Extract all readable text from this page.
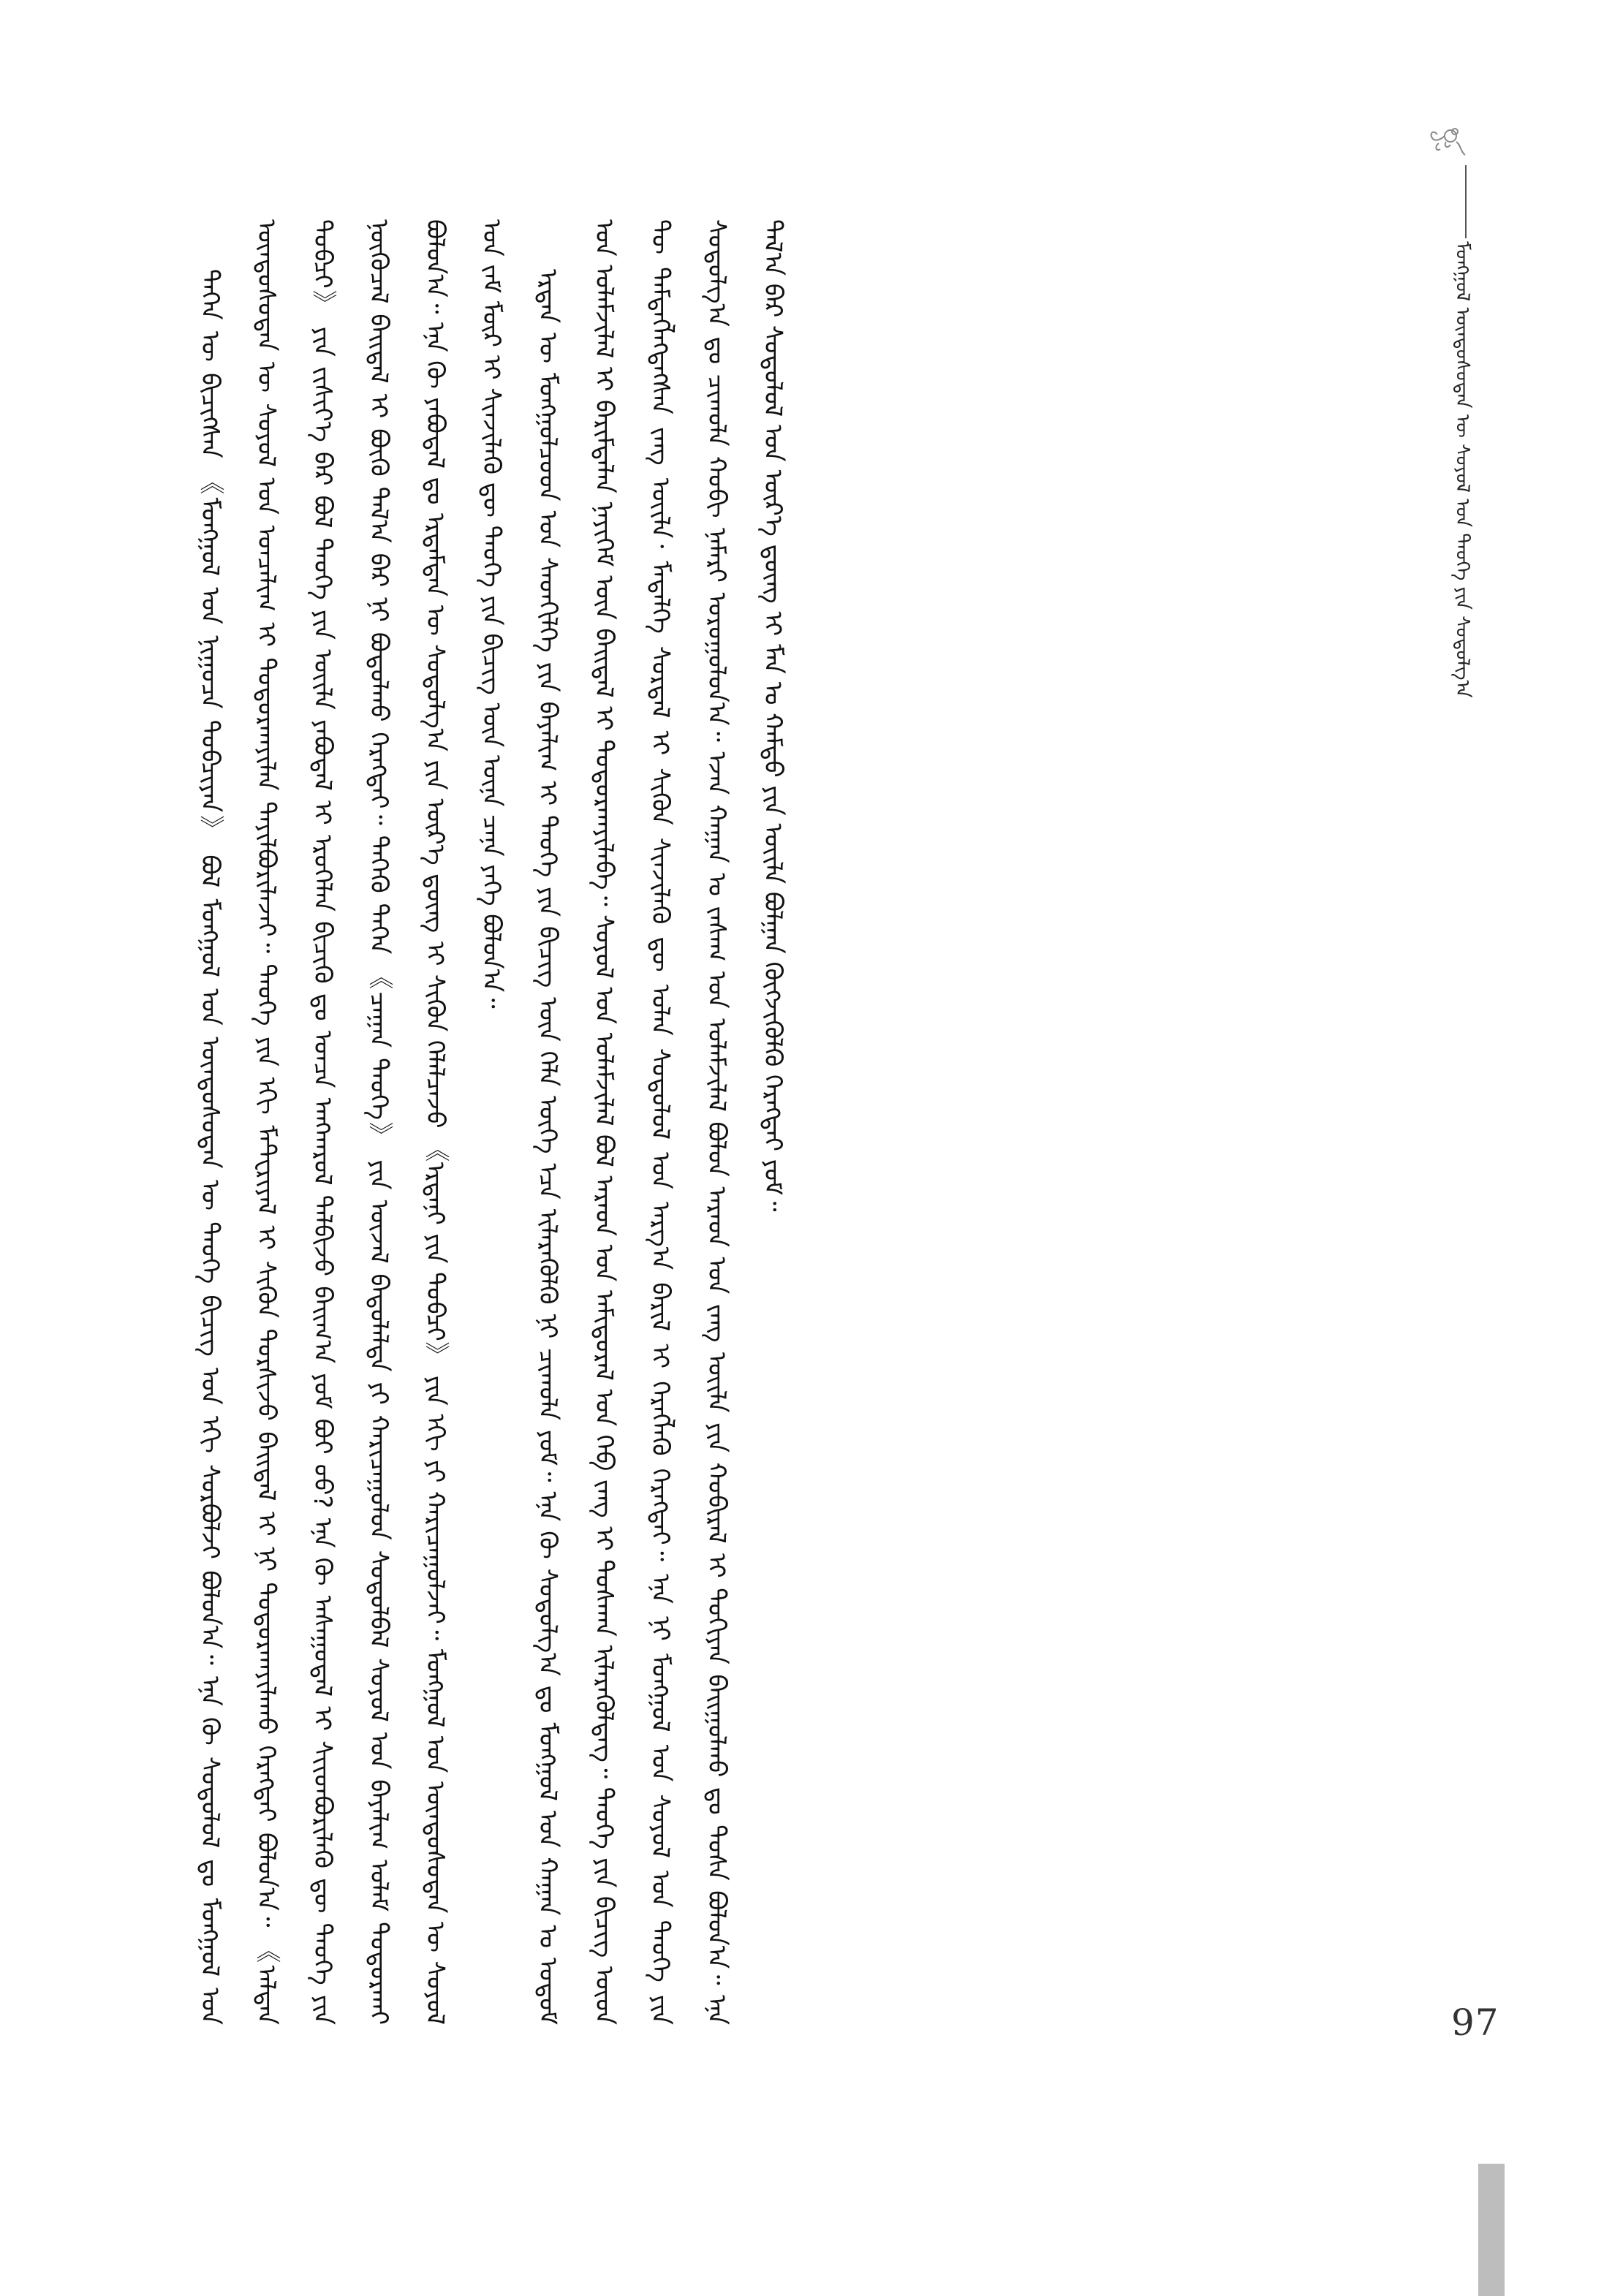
ᠮᠣᠩᠭᠣᠯ ᠦᠨᠳᠦᠰᠦᠲᠡᠨ ᠦ ᠰᠣᠶᠣᠯ ᠤᠨ ᠲᠡᠦᠬᠡ ᠶᠢᠨ ᠰᠤᠳᠤᠯᠭ᠎ᠠ

ᠲᠡᠭᠡᠨ ᠦ ᠪᠢᠴᠢᠭᠰᠡᠨ 《ᠮᠣᠩᠭᠣᠯ ᠤᠨ ᠨᠢᠭᠤᠴᠠ ᠲᠣᠪᠴᠢᠶᠠᠨ》 ᠪᠣᠯ ᠮᠣᠩᠭᠣᠯ ᠤᠨ ᠦᠨᠳᠦᠰᠦᠲᠡᠨ ᠦ ᠲᠡᠦᠬᠡ ᠪᠢᠴᠢᠭ ᠤᠨ ᠡᠬᠢ ᠰᠤᠷᠪᠤᠯᠵᠢ ᠪᠣᠯᠤᠨ᠎ᠠ᠃ ᠡᠨᠡ ᠬᠦ ᠰᠤᠳᠤᠯᠤᠯ ᠳᠤ ᠮᠣᠩᠭᠣᠯ ᠤᠨ ᠦᠨᠳᠦᠰᠦᠲᠡᠨ ᠦ ᠰᠣᠶᠣᠯ ᠤᠨ ᠣᠨᠴᠠᠯᠢᠭ ᠢ ᠲᠣᠳᠣᠷᠬᠠᠶᠢᠯᠠᠨ ᠲᠠᠶᠢᠯᠪᠤᠷᠢᠯᠠᠵᠠᠢ᠃ ᠲᠡᠦᠬᠡ ᠶᠢᠨ ᠡᠬᠢ ᠮᠠᠲᠧᠷᠢᠶᠠᠯ ᠢ ᠰᠢᠭᠦᠨ ᠲᠤᠷᠰᠢᠵᠤ ᠪᠠᠢᠳᠠᠯ ᠢ ᠨᠢ ᠲᠣᠳᠣᠷᠬᠠᠶᠢᠯᠠᠬᠤ ᠬᠡᠷᠡᠭᠲᠡᠢ ᠪᠣᠯᠤᠨ᠎ᠠ᠃ 《ᠠᠯᠲᠠᠨ ᠲᠣᠪᠴᠢ》 ᠶᠢᠨ ᠵᠢᠱᠢᠶ᠎ᠡ ᠪᠡᠷ ᠪᠣᠯ ᠲᠡᠦᠬᠡ ᠶᠢᠨ ᠦᠢᠯᠡ ᠶᠠᠪᠤᠳᠠᠯ ᠢ ᠡᠷᠦᠬᠡᠯᠡᠨ ᠪᠢᠴᠢᠬᠦ ᠳᠤ ᠣᠨᠴᠠ ᠠᠩᠬᠠᠷᠤᠯ ᠲᠠᠯᠪᠢᠵᠤ ᠪᠠᠢᠭ᠎ᠠ ᠶᠤᠮ ᠪᠣᠢ ᠤᠤ? ᠡᠨᠡ ᠬᠦ ᠠᠰᠠᠭᠤᠳᠠᠯ ᠢ ᠰᠢᠢᠳᠪᠦᠷᠢᠯᠡᠬᠦ ᠳᠦ ᠲᠡᠦᠬᠡ ᠶᠢᠨ ᠨᠦᠬᠦᠴᠡᠯ ᠪᠠᠢᠳᠠᠯ ᠢ ᠪᠦᠬᠦ ᠳᠠᠯ᠎ᠠ ᠪᠡᠷ ᠨᠢ ᠪᠣᠳᠣᠯᠬᠤ ᠬᠡᠷᠡᠭᠲᠡᠢ᠃ ᠲᠡᠭᠡᠬᠦ ᠳᠡᠭᠡᠨ 《ᠴᠠᠭᠠᠨ ᠲᠡᠦᠬᠡ》 ᠶᠢᠨ ᠦᠵᠡᠯ ᠪᠠᠲᠤᠯᠠᠯᠲᠠ ᠶᠢ ᠬᠠᠷᠢᠴᠠᠭᠤᠯᠤᠨ ᠰᠤᠳᠤᠯᠪᠠᠯ ᠰᠣᠶᠣᠯ ᠤᠨ ᠪᠠᠶᠠᠯᠢᠭ ᠤᠯᠠᠮ ᠲᠣᠳᠣᠷᠬᠠᠢ ᠪᠣᠯᠤᠨ᠎ᠠ᠃ ᠡᠨᠡ ᠬᠦ ᠶᠠᠪᠤᠳᠠᠯ ᠳᠤ ᠡᠷᠳᠡᠮᠲᠡᠨ ᠦ ᠰᠤᠳᠤᠯᠭ᠎ᠠ ᠶᠢᠨ ᠦᠷ᠎ᠡ ᠳ᠋ᠦᠩ ᠢ ᠰᠢᠭᠦᠨ ᠬᠡᠯᠡᠯᠴᠡᠵᠦ 《ᠡᠷᠳᠡᠨᠢ ᠶᠢᠨ ᠲᠣᠪᠴᠢ》 ᠶᠢᠨ ᠡᠬᠢ ᠶᠢ ᠬᠠᠷᠢᠴᠠᠭᠤᠯᠵᠠᠢ᠃ ᠮᠣᠩᠭᠣᠯ ᠤᠨ ᠦᠨᠳᠦᠰᠦᠲᠡᠨ ᠦ ᠰᠣᠶᠣᠯ ᠤᠨ ᠵᠠᠮ ᠮᠥᠷ ᠢ ᠰᠢᠨᠵᠢᠯᠡᠬᠦ ᠳᠦ ᠲᠡᠦᠬᠡ ᠶᠢᠨ ᠪᠢᠴᠢᠭ ᠦᠨ ᠦᠨᠡ ᠴᠡᠨᠡ ᠶᠡᠬᠡ ᠪᠣᠯᠤᠨ᠎ᠠ᠃	ᠡᠷᠲᠡᠨ ᠦ ᠮᠣᠩᠭᠣᠯᠴᠤᠳ ᠤᠨ ᠰᠡᠳᠬᠢᠯᠭᠡ ᠶᠢᠨ ᠪᠠᠶᠠᠯᠢᠭ ᠢ ᠲᠡᠦᠬᠡ ᠶᠢᠨ ᠪᠢᠴᠢᠭ ᠦᠨ ᠬᠡᠯᠡ ᠦᠭᠡ ᠡᠴᠡ ᠢᠯᠡᠷᠡᠬᠦᠯᠬᠦ ᠨᠢ ᠴᠢᠬᠤᠯᠠ ᠶᠤᠮ᠃ ᠡᠨᠡ ᠬᠦ ᠰᠤᠳᠤᠯᠭ᠎ᠠ ᠳᠤ ᠮᠣᠩᠭᠣᠯ ᠤᠨ ᠬᠠᠭᠠᠨ ᠤ ᠤᠳᠤᠮ ᠤᠨ ᠤᠯᠠᠮᠵᠢᠯᠠᠯ ᠢ ᠪᠠᠷᠢᠮᠲᠠᠯᠠᠨ ᠨᠡᠶᠢᠭᠡᠮ ᠦᠨ ᠪᠠᠢᠳᠠᠯ ᠢ ᠲᠣᠳᠣᠷᠬᠠᠶᠢᠯᠠᠪᠠ᠃ ᠰᠣᠶᠣᠯ ᠤᠨ ᠤᠯᠠᠮᠵᠢᠯᠠᠯ ᠪᠣᠯ ᠠᠷᠠᠳ ᠤᠨ ᠠᠮᠢᠳᠤᠷᠠᠯ ᠤᠨ ᠬᠡᠪ ᠵᠠᠩ ᠢ ᠲᠤᠰᠬᠠᠨ ᠢᠯᠡᠷᠡᠭᠦᠯᠳᠡᠭ᠃ ᠲᠡᠦᠬᠡ ᠶᠢᠨ ᠪᠢᠴᠢᠭ ᠦᠳ ᠲᠦ ᠲᠡᠮᠳᠡᠭᠯᠡᠭᠳᠡᠭᠰᠡᠨ ᠵᠠᠩ ᠦᠢᠯᠡ᠂ ᠮᠡᠳᠡᠯᠭᠡ ᠰᠤᠷᠲᠠᠯ ᠢ ᠰᠢᠭᠦᠨ ᠰᠢᠨᠵᠢᠯᠡᠬᠦ ᠳᠦ ᠣᠯᠠᠨ ᠰᠤᠳᠤᠯᠤᠯ ᠤᠨ ᠠᠷᠭ᠎ᠠ ᠪᠠᠷᠢᠯ ᠢ ᠬᠡᠷᠡᠭᠯᠡᠬᠦ ᠬᠡᠷᠡᠭᠲᠡᠢ᠃ ᠡᠨᠡ ᠨᠢ ᠮᠣᠩᠭᠣᠯ ᠤᠨ ᠰᠣᠶᠣᠯ ᠤᠨ ᠲᠡᠦᠬᠡ ᠶᠢᠨ ᠰᠤᠳᠤᠯᠭ᠎ᠠ ᠳᠤ ᠴᠢᠬᠤᠯᠠ ᠬᠤᠪᠢ ᠨᠡᠮᠡᠷᠢ ᠣᠷᠤᠭᠤᠯᠤᠨ᠎ᠠ᠃ ᠡᠵᠡᠨ ᠬᠠᠭᠠᠨ ᠤ ᠵᠠᠰᠠᠭ ᠤᠨ ᠤᠯᠠᠮᠵᠢᠯᠠᠯ ᠪᠣᠯᠤᠨ ᠠᠷᠠᠳ ᠤᠨ ᠵᠠᠩ ᠦᠢᠯᠡ ᠶᠢᠨ ᠬᠤᠪᠢᠷᠠᠯ ᠢ ᠲᠣᠭᠢᠶᠠᠨ ᠪᠠᠢᠭᠤᠯᠬᠤ ᠳᠤ ᠲᠤᠰᠠ ᠪᠣᠯᠤᠨ᠎ᠠ᠃ ᠡᠨᠡ ᠲᠠᠯ᠎ᠠ ᠪᠡᠷ ᠰᠤᠳᠤᠯᠤᠯ ᠤᠨ ᠦᠷ᠎ᠡ ᠳ᠋ᠦᠩ ᠢ ᠮᠠᠨ ᠤ ᠬᠠᠮᠲᠤ ᠶᠢᠨ ᠦᠢᠯᠡ ᠪᠣᠯᠭᠠᠨ ᠬᠥᠭᠵᠢᠭᠦᠯᠬᠦ ᠬᠡᠷᠡᠭᠲᠡᠢ ᠶᠤᠮ᠃

97
